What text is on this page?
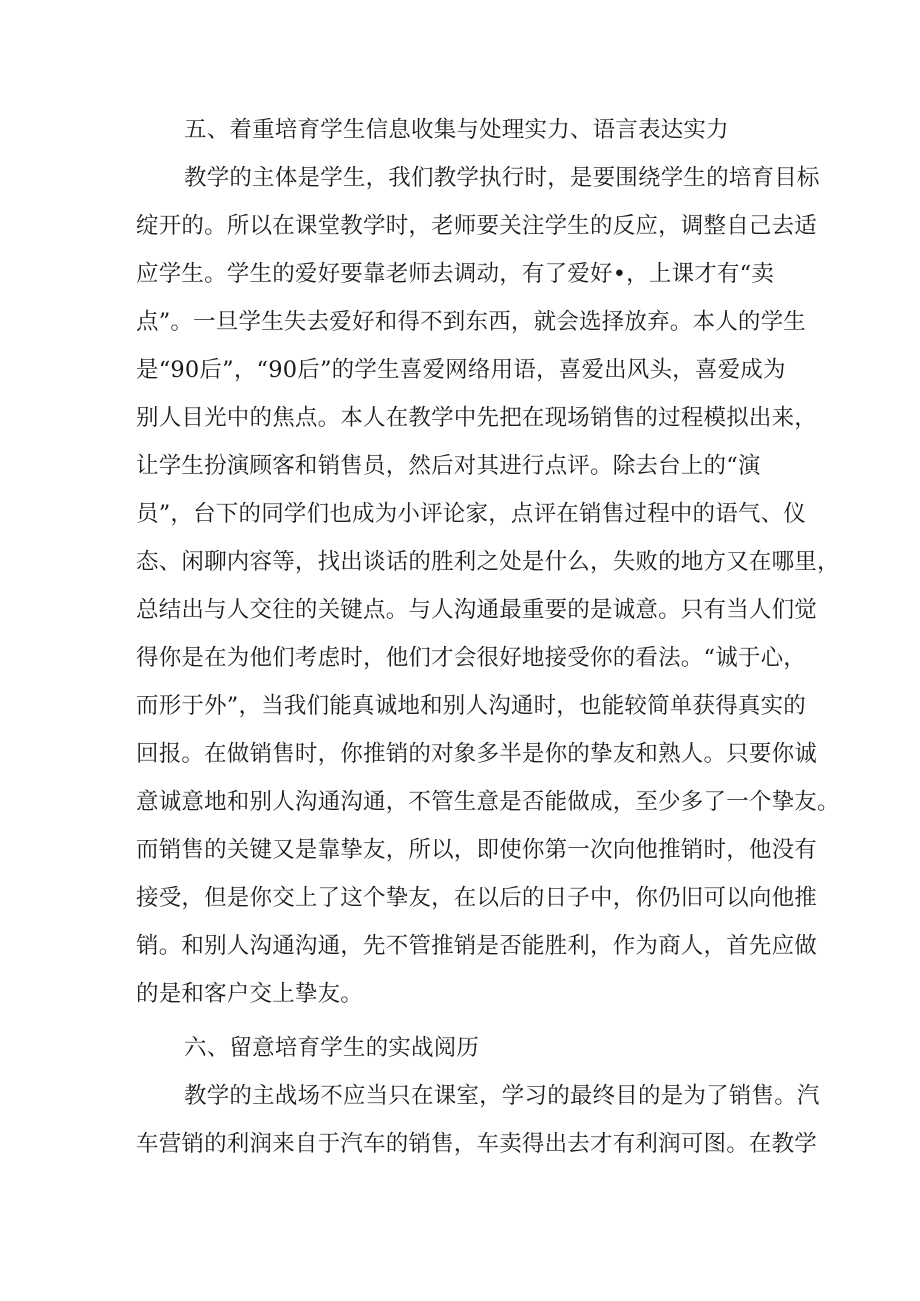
五、着重培育学生信息收集与处理实力、语言表达实力
教学的主体是学生，我们教学执行时，是要围绕学生的培育目标
绽开的。所以在课堂教学时，老师要关注学生的反应，调整自己去适
应学生。学生的爱好要靠老师去调动，有了爱好•，上课才有“卖
点”。一旦学生失去爱好和得不到东西，就会选择放弃。本人的学生
是“90后”，“90后”的学生喜爱网络用语，喜爱出风头，喜爱成为
别人目光中的焦点。本人在教学中先把在现场销售的过程模拟出来，
让学生扮演顾客和销售员，然后对其进行点评。除去台上的“演
员”，台下的同学们也成为小评论家，点评在销售过程中的语气、仪
态、闲聊内容等，找出谈话的胜利之处是什么，失败的地方又在哪里，
总结出与人交往的关键点。与人沟通最重要的是诚意。只有当人们觉
得你是在为他们考虑时，他们才会很好地接受你的看法。“诚于心，
而形于外”，当我们能真诚地和别人沟通时，也能较简单获得真实的
回报。在做销售时，你推销的对象多半是你的挚友和熟人。只要你诚
意诚意地和别人沟通沟通，不管生意是否能做成，至少多了一个挚友。
而销售的关键又是靠挚友，所以，即使你第一次向他推销时，他没有
接受，但是你交上了这个挚友，在以后的日子中，你仍旧可以向他推
销。和别人沟通沟通，先不管推销是否能胜利，作为商人，首先应做
的是和客户交上挚友。
六、留意培育学生的实战阅历
教学的主战场不应当只在课室，学习的最终目的是为了销售。汽
车营销的利润来自于汽车的销售，车卖得出去才有利润可图。在教学
